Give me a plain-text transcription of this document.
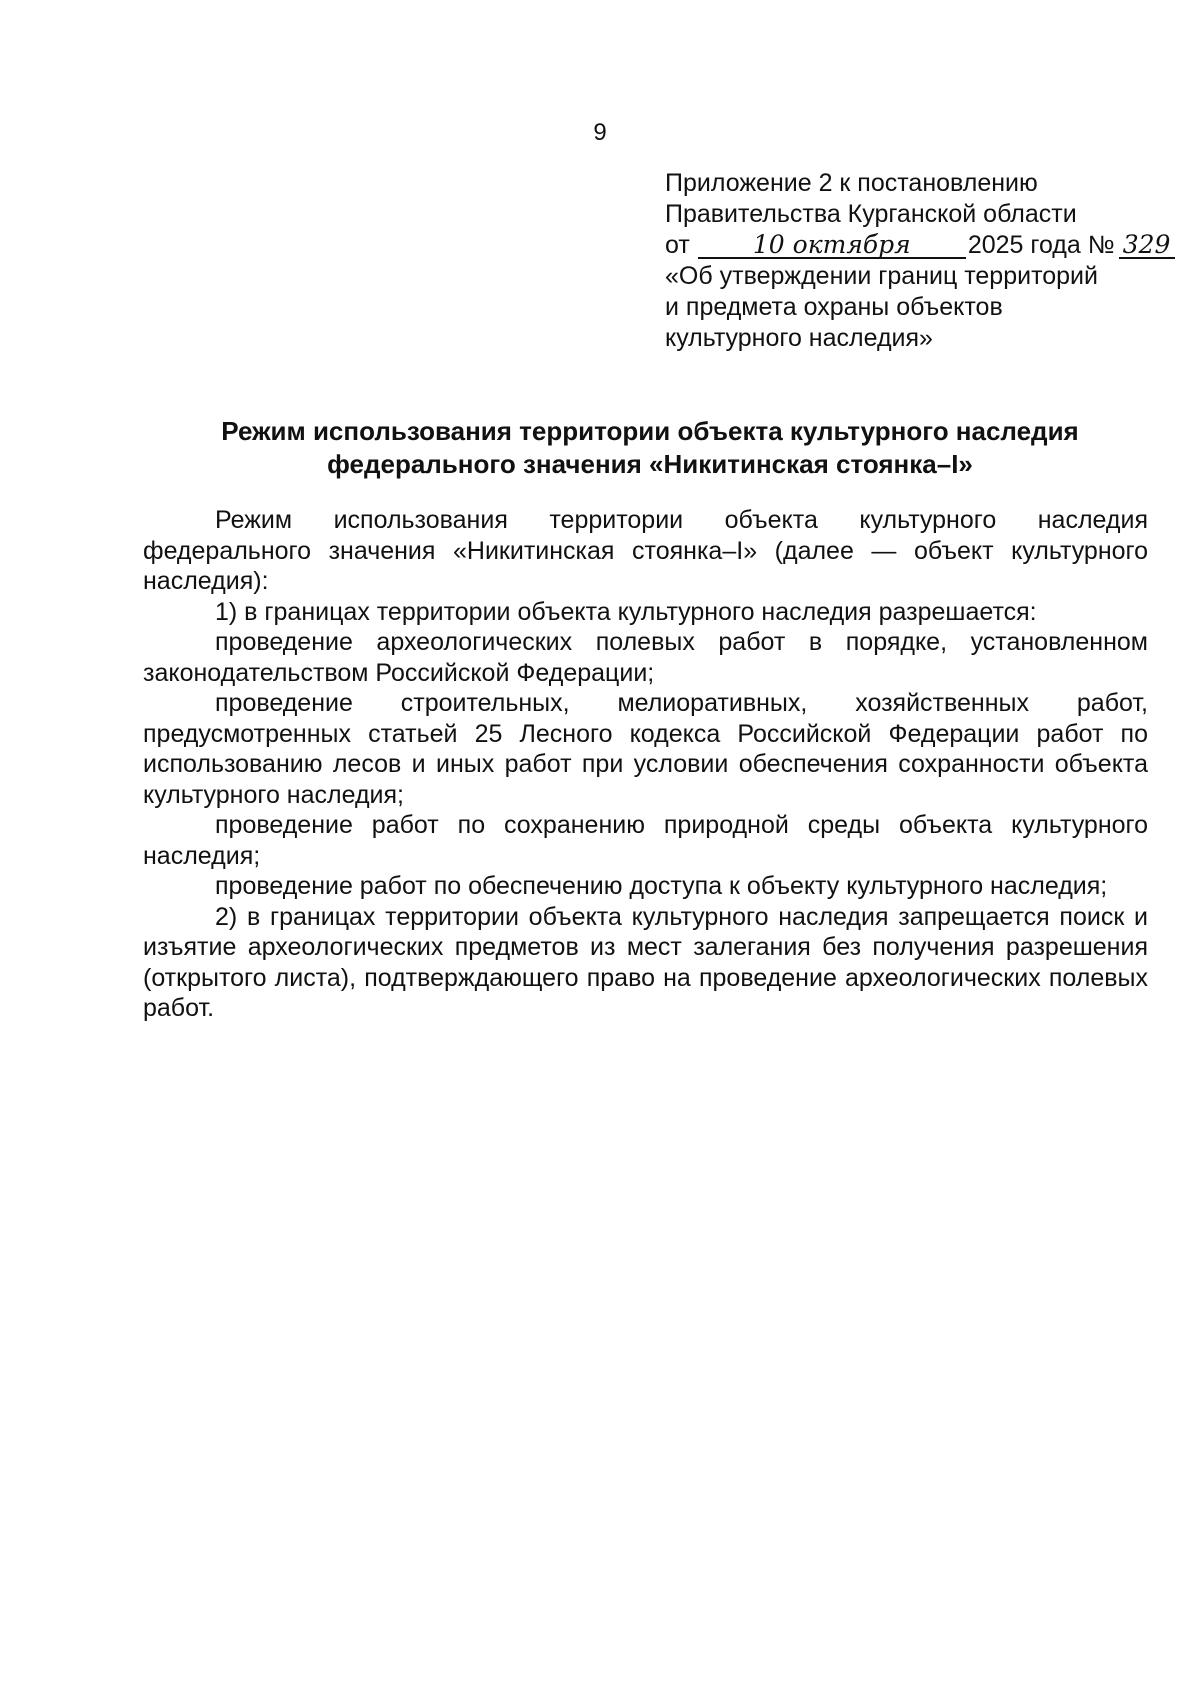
9
Приложение 2 к постановлению
Правительства Курганской области
от	10 октября 2025 года № 329
«Об утверждении границ территорий
и предмета охраны объектов
культурного наследия»
Режим использования территории объекта культурного наследия
федерального значения «Никитинская стоянка–I»

Режим использования территории объекта культурного наследия федерального значения «Никитинская стоянка–I» (далее — объект культурного наследия):

1) в границах территории объекта культурного наследия разрешается:

проведение археологических полевых работ в порядке, установленном законодательством Российской Федерации;

проведение строительных, мелиоративных, хозяйственных работ, предусмотренных статьей 25 Лесного кодекса Российской Федерации работ по использованию лесов и иных работ при условии обеспечения сохранности объекта культурного наследия;

проведение работ по сохранению природной среды объекта культурного наследия;

проведение работ по обеспечению доступа к объекту культурного наследия;

2) в границах территории объекта культурного наследия запрещается поиск и изъятие археологических предметов из мест залегания без получения разрешения (открытого листа), подтверждающего право на проведение археологических полевых работ.
